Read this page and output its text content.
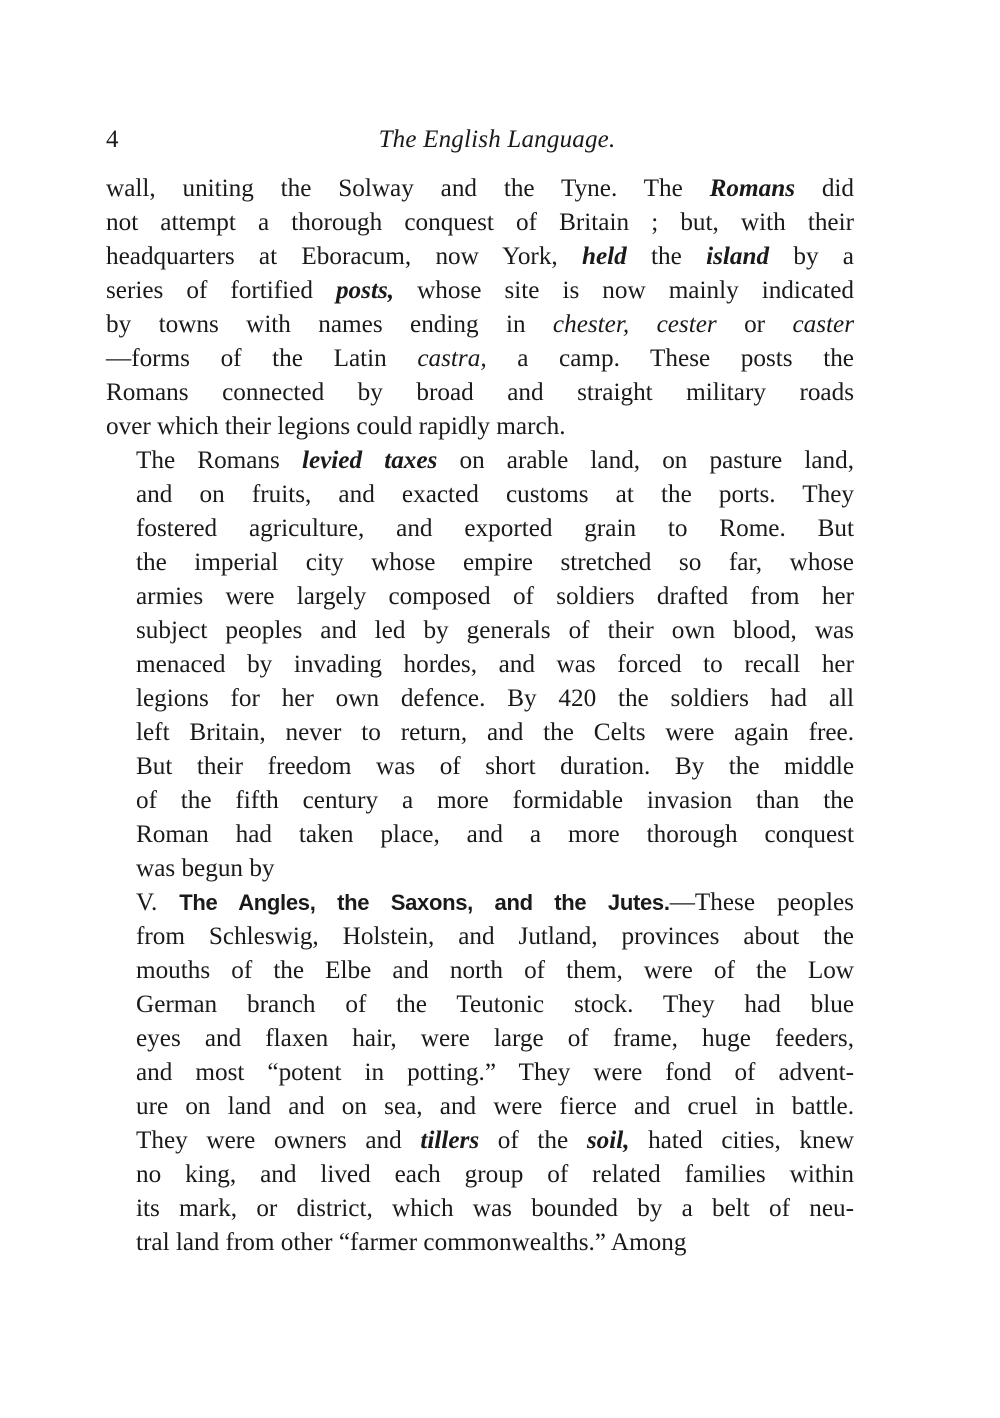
4	The English Language.

wall, uniting the Solway and the Tyne. The Romans did
not attempt a thorough conquest of Britain ; but, with their
headquarters at Eboracum, now York, held the island by a
series of fortified posts, whose site is now mainly indicated
by towns with names ending in chester, cester or caster
—forms of the Latin castra, a camp. These posts the
Romans connected by broad and straight military roads
over which their legions could rapidly march.

The Romans levied taxes on arable land, on pasture land,
and on fruits, and exacted customs at the ports. They
fostered agriculture, and exported grain to Rome. But
the imperial city whose empire stretched so far, whose
armies were largely composed of soldiers drafted from her
subject peoples and led by generals of their own blood, was
menaced by invading hordes, and was forced to recall her
legions for her own defence. By 420 the soldiers had all
left Britain, never to return, and the Celts were again free.
But their freedom was of short duration. By the middle
of the fifth century a more formidable invasion than the
Roman had taken place, and a more thorough conquest
was begun by

V. The Angles, the Saxons, and the Jutes.—These peoples
from Schleswig, Holstein, and Jutland, provinces about the
mouths of the Elbe and north of them, were of the Low
German branch of the Teutonic stock. They had blue
eyes and flaxen hair, were large of frame, huge feeders,
and most “potent in potting.” They were fond of advent-
ure on land and on sea, and were fierce and cruel in battle.
They were owners and tillers of the soil, hated cities, knew
no king, and lived each group of related families within
its mark, or district, which was bounded by a belt of neu-
tral land from other “farmer commonwealths.” Among
